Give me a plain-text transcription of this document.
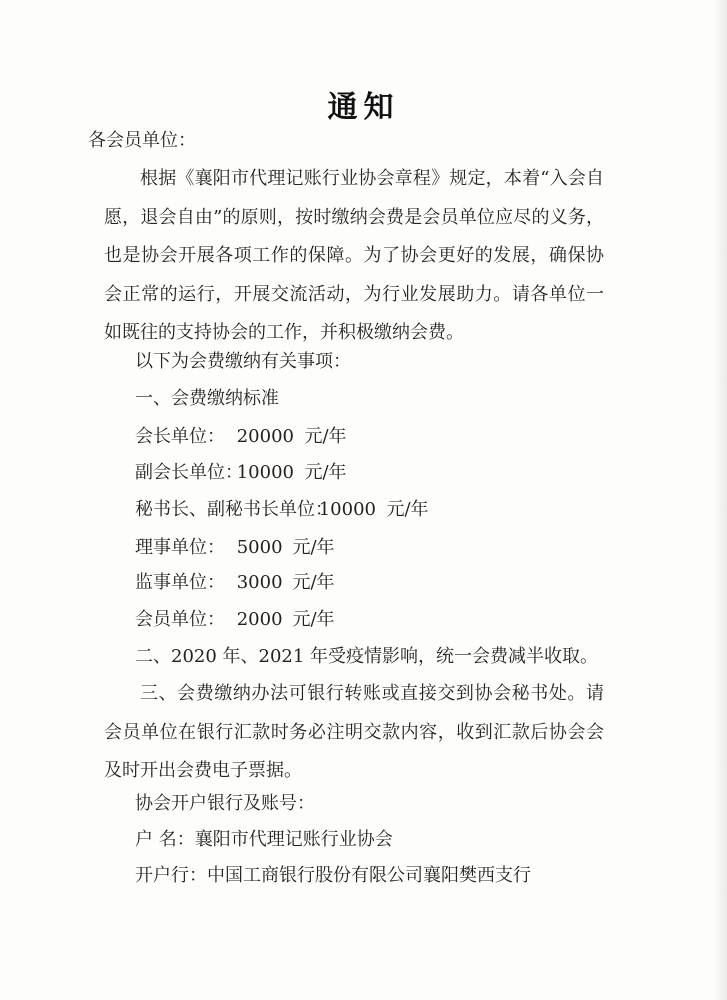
通知
各会员单位：
根据《襄阳市代理记账行业协会章程》规定，本着“入会自愿，退会自由”的原则，按时缴纳会费是会员单位应尽的义务，也是协会开展各项工作的保障。为了协会更好的发展，确保协会正常的运行，开展交流活动，为行业发展助力。请各单位一如既往的支持协会的工作，并积极缴纳会费。
以下为会费缴纳有关事项：
一、会费缴纳标准
会长单位： 20000 元/年
副会长单位： 10000 元/年
秘书长、副秘书长单位： 10000 元/年
理事单位： 5000 元/年
监事单位： 3000 元/年
会员单位： 2000 元/年
二、2020 年、2021 年受疫情影响，统一会费减半收取。
三、会费缴纳办法可银行转账或直接交到协会秘书处。请会员单位在银行汇款时务必注明交款内容，收到汇款后协会会及时开出会费电子票据。
协会开户银行及账号：
户 名：襄阳市代理记账行业协会
开户行：中国工商银行股份有限公司襄阳樊西支行
